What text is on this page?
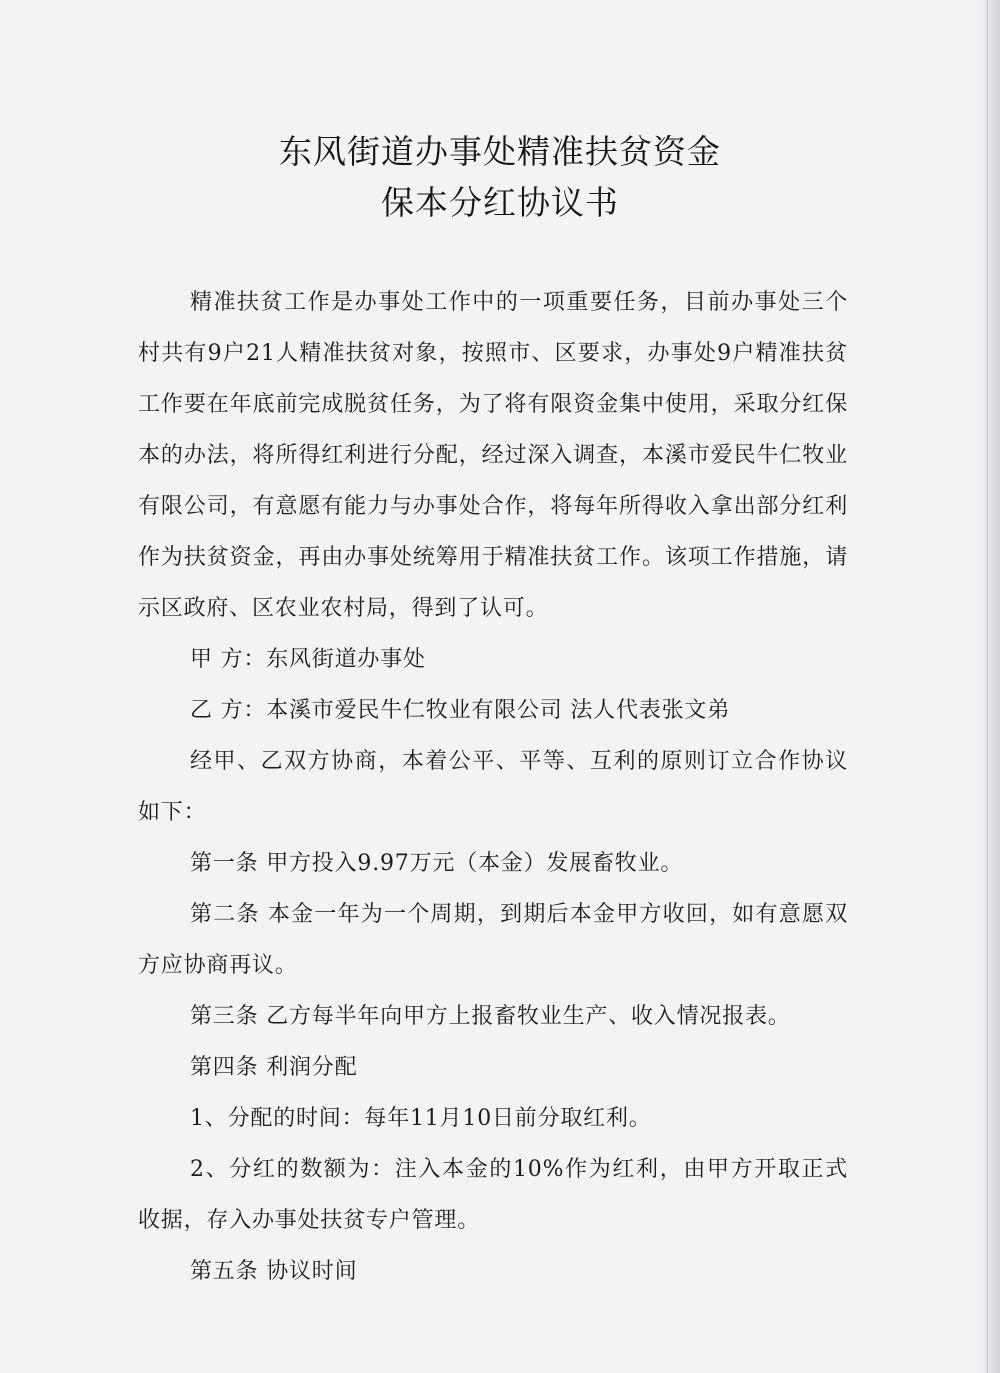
东风街道办事处精准扶贫资金
保本分红协议书

精准扶贫工作是办事处工作中的一项重要任务，目前办事处三个村共有9户21人精准扶贫对象，按照市、区要求，办事处9户精准扶贫工作要在年底前完成脱贫任务，为了将有限资金集中使用，采取分红保本的办法，将所得红利进行分配，经过深入调查，本溪市爱民牛仁牧业有限公司，有意愿有能力与办事处合作，将每年所得收入拿出部分红利作为扶贫资金，再由办事处统筹用于精准扶贫工作。该项工作措施，请示区政府、区农业农村局，得到了认可。

甲 方：东风街道办事处

乙 方：本溪市爱民牛仁牧业有限公司 法人代表张文弟

经甲、乙双方协商，本着公平、平等、互利的原则订立合作协议如下：

第一条 甲方投入9.97万元（本金）发展畜牧业。

第二条 本金一年为一个周期，到期后本金甲方收回，如有意愿双方应协商再议。

第三条 乙方每半年向甲方上报畜牧业生产、收入情况报表。

第四条 利润分配

1、分配的时间：每年11月10日前分取红利。

2、分红的数额为：注入本金的10%作为红利，由甲方开取正式收据，存入办事处扶贫专户管理。

第五条 协议时间
